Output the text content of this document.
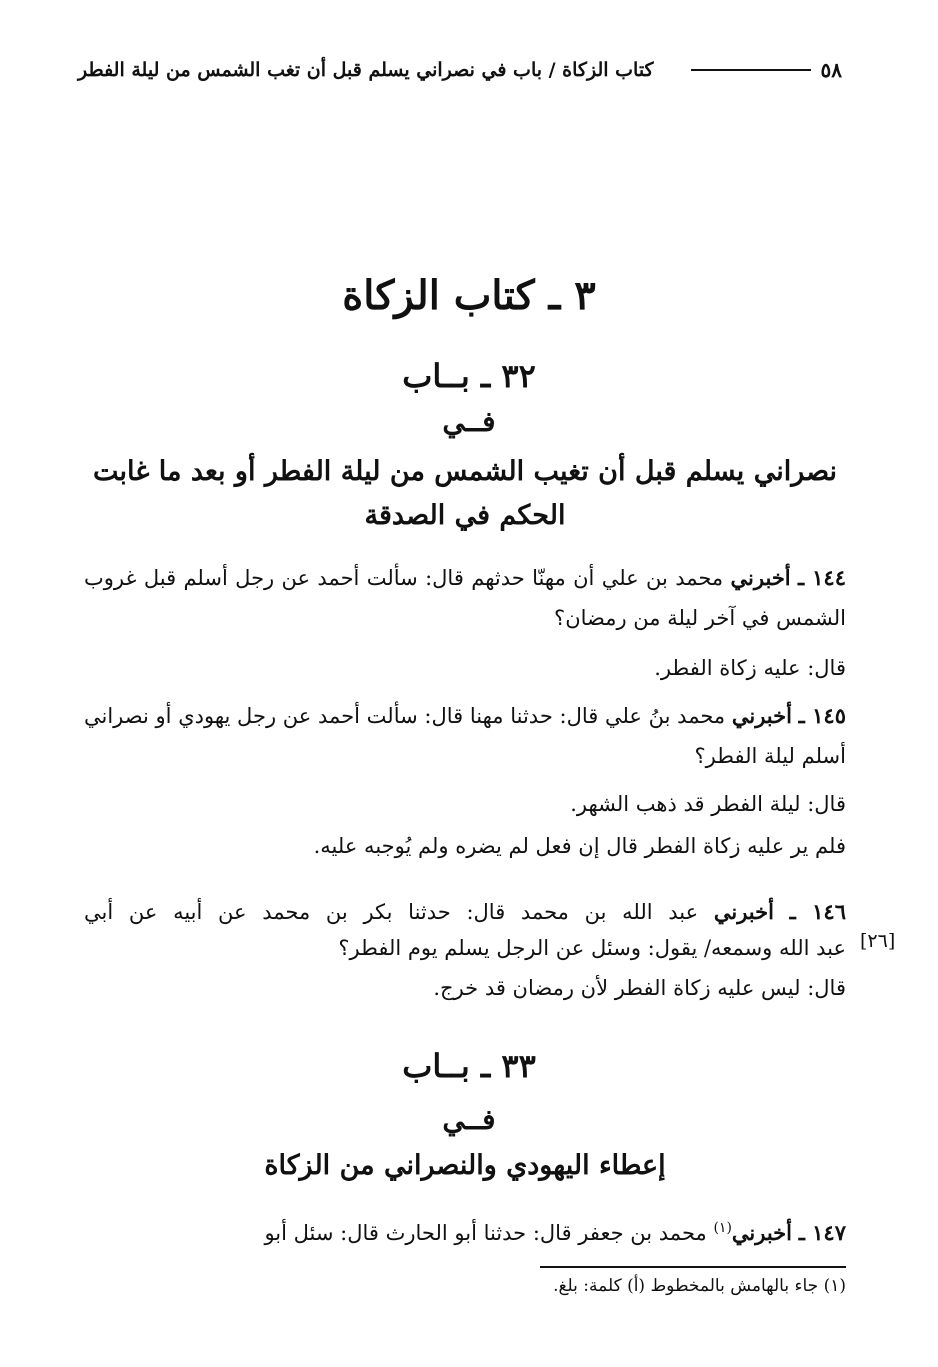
كتاب الزكاة / باب في نصراني يسلم قبل أن تغب الشمس من ليلة الفطر	٥٨
٣ ـ كتاب الزكاة
٣٢ ـ بــاب
فــي
نصراني يسلم قبل أن تغيب الشمس من ليلة الفطر أو بعد ما غابت الحكم في الصدقة
١٤٤ ـ أخبرني محمد بن علي أن مهنّا حدثهم قال: سألت أحمد عن رجل أسلم قبل غروب الشمس في آخر ليلة من رمضان؟
قال: عليه زكاة الفطر.
١٤٥ ـ أخبرني محمد بنُ علي قال: حدثنا مهنا قال: سألت أحمد عن رجل يهودي أو نصراني أسلم ليلة الفطر؟
قال: ليلة الفطر قد ذهب الشهر.
فلم ير عليه زكاة الفطر قال إن فعل لم يضره ولم يُوجبه عليه.
١٤٦ ـ أخبرني عبد الله بن محمد قال: حدثنا بكر بن محمد عن أبيه عن أبي
[٢٦]
عبد الله وسمعه/ يقول: وسئل عن الرجل يسلم يوم الفطر؟
قال: ليس عليه زكاة الفطر لأن رمضان قد خرج.
٣٣ ـ بــاب
فــي
إعطاء اليهودي والنصراني من الزكاة
١٤٧ ـ أخبرني$^{(١)}$ محمد بن جعفر قال: حدثنا أبو الحارث قال: سئل أبو
(١) جاء بالهامش بالمخطوط (أ) كلمة: بلغ.
